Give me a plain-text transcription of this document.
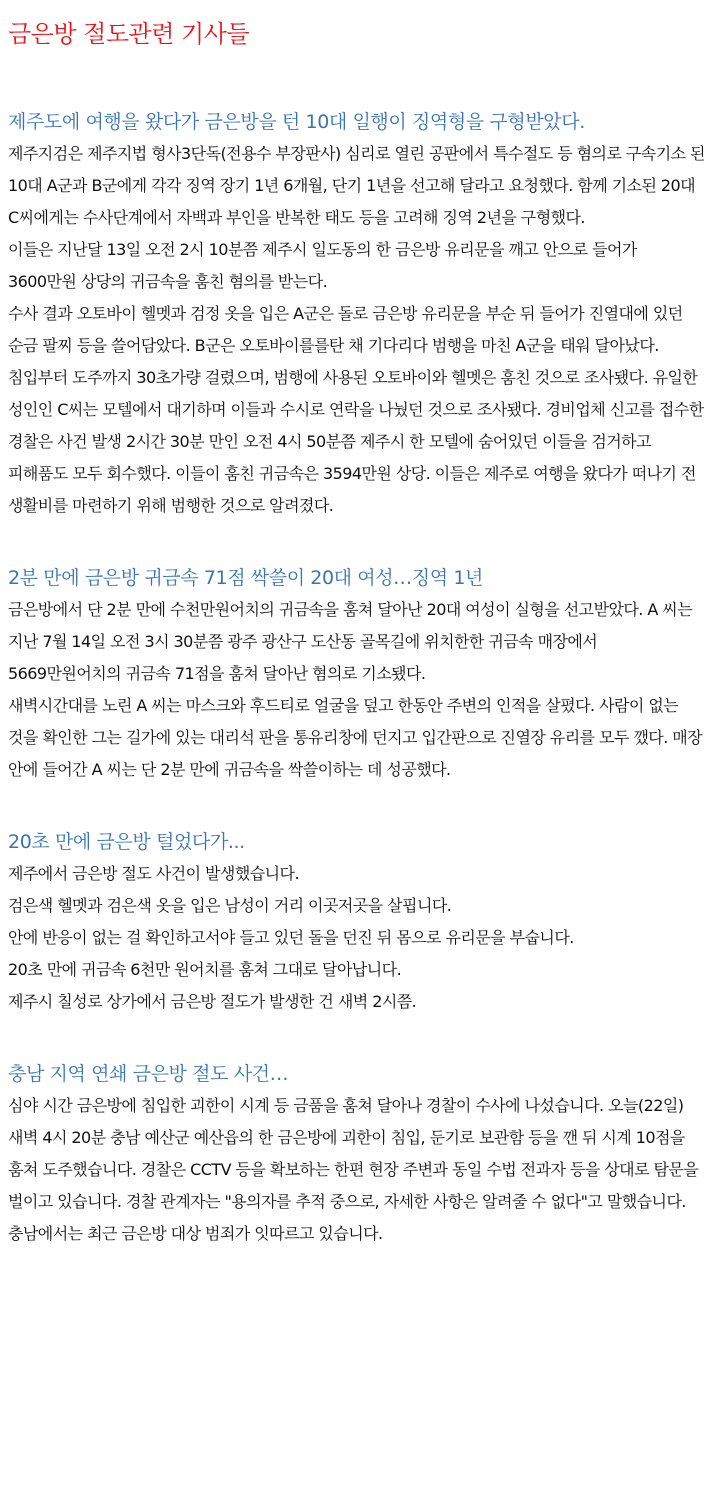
금은방 절도관련 기사들
제주도에 여행을 왔다가 금은방을 턴 10대 일행이 징역형을 구형받았다.

제주지검은 제주지법 형사3단독(전용수 부장판사) 심리로 열린 공판에서 특수절도 등 혐의로 구속기소 된 10대 A군과 B군에게 각각 징역 장기 1년 6개월, 단기 1년을 선고해 달라고 요청했다. 함께 기소된 20대 C씨에게는 수사단계에서 자백과 부인을 반복한 태도 등을 고려해 징역 2년을 구형했다.

이들은 지난달 13일 오전 2시 10분쯤 제주시 일도동의 한 금은방 유리문을 깨고 안으로 들어가 3600만원 상당의 귀금속을 훔친 혐의를 받는다.

수사 결과 오토바이 헬멧과 검정 옷을 입은 A군은 돌로 금은방 유리문을 부순 뒤 들어가 진열대에 있던 순금 팔찌 등을 쓸어담았다. B군은 오토바이를를탄 채 기다리다 범행을 마친 A군을 태워 달아났다. 침입부터 도주까지 30초가량 걸렸으며, 범행에 사용된 오토바이와 헬멧은 훔친 것으로 조사됐다. 유일한 성인인 C씨는 모텔에서 대기하며 이들과 수시로 연락을 나눴던 것으로 조사됐다. 경비업체 신고를 접수한 경찰은 사건 발생 2시간 30분 만인 오전 4시 50분쯤 제주시 한 모텔에 숨어있던 이들을 검거하고 피해품도 모두 회수했다. 이들이 훔친 귀금속은 3594만원 상당. 이들은 제주로 여행을 왔다가 떠나기 전 생활비를 마련하기 위해 범행한 것으로 알려졌다.

2분 만에 금은방 귀금속 71점 싹쓸이 20대 여성…징역 1년

금은방에서 단 2분 만에 수천만원어치의 귀금속을 훔쳐 달아난 20대 여성이 실형을 선고받았다. A 씨는 지난 7월 14일 오전 3시 30분쯤 광주 광산구 도산동 골목길에 위치한한 귀금속 매장에서 5669만원어치의 귀금속 71점을 훔쳐 달아난 혐의로 기소됐다.

새벽시간대를 노린 A 씨는 마스크와 후드티로 얼굴을 덮고 한동안 주변의 인적을 살폈다. 사람이 없는 것을 확인한 그는 길가에 있는 대리석 판을 통유리창에 던지고 입간판으로 진열장 유리를 모두 깼다. 매장 안에 들어간 A 씨는 단 2분 만에 귀금속을 싹쓸이하는 데 성공했다.

20초 만에 금은방 털었다가...

제주에서 금은방 절도 사건이 발생했습니다.

검은색 헬멧과 검은색 옷을 입은 남성이 거리 이곳저곳을 살핍니다.

안에 반응이 없는 걸 확인하고서야 들고 있던 돌을 던진 뒤 몸으로 유리문을 부숩니다.

20초 만에 귀금속 6천만 원어치를 훔쳐 그대로 달아납니다.

제주시 칠성로 상가에서 금은방 절도가 발생한 건 새벽 2시쯤.

충남 지역 연쇄 금은방 절도 사건…

심야 시간 금은방에 침입한 괴한이 시계 등 금품을 훔쳐 달아나 경찰이 수사에 나섰습니다. 오늘(22일) 새벽 4시 20분 충남 예산군 예산읍의 한 금은방에 괴한이 침입, 둔기로 보관함 등을 깬 뒤 시계 10점을 훔쳐 도주했습니다. 경찰은 CCTV 등을 확보하는 한편 현장 주변과 동일 수법 전과자 등을 상대로 탐문을 벌이고 있습니다. 경찰 관계자는 "용의자를 추적 중으로, 자세한 사항은 알려줄 수 없다"고 말했습니다. 충남에서는 최근 금은방 대상 범죄가 잇따르고 있습니다.
